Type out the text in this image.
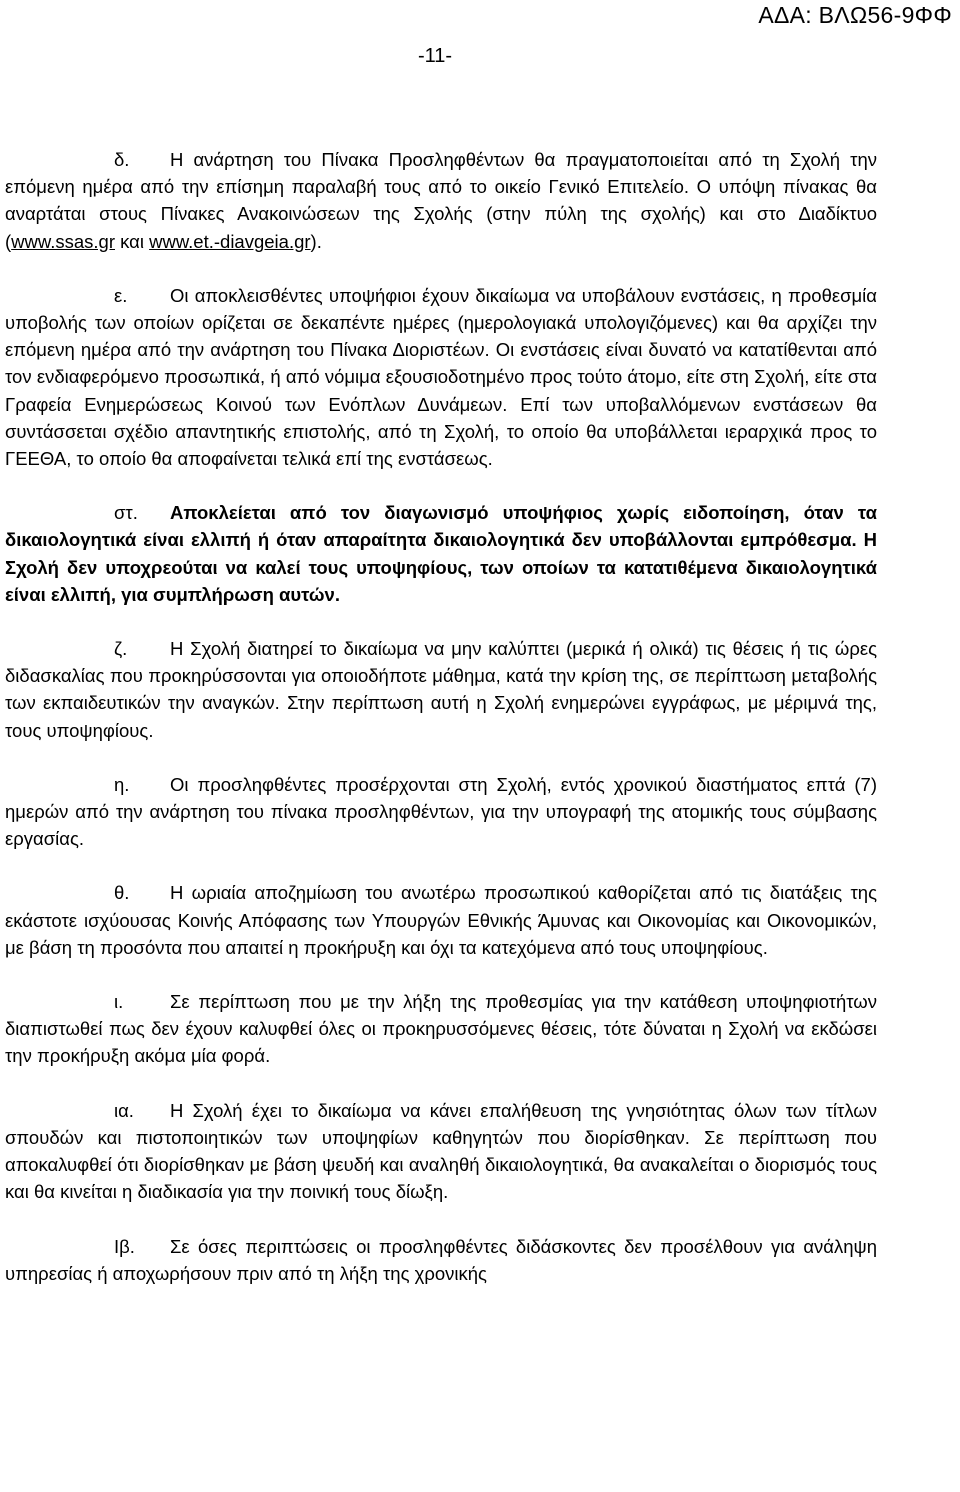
ΑΔΑ: ΒΛΩ56-9ΦΦ
-11-

δ. Η ανάρτηση του Πίνακα Προσληφθέντων θα πραγματοποιείται από τη Σχολή την επόμενη ημέρα από την επίσημη παραλαβή τους από το οικείο Γενικό Επιτελείο. Ο υπόψη πίνακας θα αναρτάται στους Πίνακες Ανακοινώσεων της Σχολής (στην πύλη της σχολής) και στο Διαδίκτυο (www.ssas.gr και www.et.-diavgeia.gr).

ε. Οι αποκλεισθέντες υποψήφιοι έχουν δικαίωμα να υποβάλουν ενστάσεις, η προθεσμία υποβολής των οποίων ορίζεται σε δεκαπέντε ημέρες (ημερολογιακά υπολογιζόμενες) και θα αρχίζει την επόμενη ημέρα από την ανάρτηση του Πίνακα Διοριστέων. Οι ενστάσεις είναι δυνατό να κατατίθενται από τον ενδιαφερόμενο προσωπικά, ή από νόμιμα εξουσιοδοτημένο προς τούτο άτομο, είτε στη Σχολή, είτε στα Γραφεία Ενημερώσεως Κοινού των Ενόπλων Δυνάμεων. Επί των υποβαλλόμενων ενστάσεων θα συντάσσεται σχέδιο απαντητικής επιστολής, από τη Σχολή, το οποίο θα υποβάλλεται ιεραρχικά προς το ΓΕΕΘΑ, το οποίο θα αποφαίνεται τελικά επί της ενστάσεως.

στ. Αποκλείεται από τον διαγωνισμό υποψήφιος χωρίς ειδοποίηση, όταν τα δικαιολογητικά είναι ελλιπή ή όταν απαραίτητα δικαιολογητικά δεν υποβάλλονται εμπρόθεσμα. Η Σχολή δεν υποχρεούται να καλεί τους υποψηφίους, των οποίων τα κατατιθέμενα δικαιολογητικά είναι ελλιπή, για συμπλήρωση αυτών.

ζ. Η Σχολή διατηρεί το δικαίωμα να μην καλύπτει (μερικά ή ολικά) τις θέσεις ή τις ώρες διδασκαλίας που προκηρύσσονται για οποιοδήποτε μάθημα, κατά την κρίση της, σε περίπτωση μεταβολής των εκπαιδευτικών την αναγκών. Στην περίπτωση αυτή η Σχολή ενημερώνει εγγράφως, με μέριμνά της, τους υποψηφίους.

η. Οι προσληφθέντες προσέρχονται στη Σχολή, εντός χρονικού διαστήματος επτά (7) ημερών από την ανάρτηση του πίνακα προσληφθέντων, για την υπογραφή της ατομικής τους σύμβασης εργασίας.

θ. Η ωριαία αποζημίωση του ανωτέρω προσωπικού καθορίζεται από τις διατάξεις της εκάστοτε ισχύουσας Κοινής Απόφασης των Υπουργών Εθνικής Άμυνας και Οικονομίας και Οικονομικών, με βάση τη προσόντα που απαιτεί η προκήρυξη και όχι τα κατεχόμενα από τους υποψηφίους.

ι.	Σε περίπτωση που με την λήξη της προθεσμίας για την κατάθεση υποψηφιοτήτων διαπιστωθεί πως δεν έχουν καλυφθεί όλες οι προκηρυσσόμενες θέσεις, τότε δύναται η Σχολή να εκδώσει την προκήρυξη ακόμα μία φορά.

ια. Η Σχολή έχει το δικαίωμα να κάνει επαλήθευση της γνησιότητας όλων των τίτλων σπουδών και πιστοποιητικών των υποψηφίων καθηγητών που διορίσθηκαν. Σε περίπτωση που αποκαλυφθεί ότι διορίσθηκαν με βάση ψευδή και αναληθή δικαιολογητικά, θα ανακαλείται ο διορισμός τους και θα κινείται η διαδικασία για την ποινική τους δίωξη.

Ιβ. Σε όσες περιπτώσεις οι προσληφθέντες διδάσκοντες δεν προσέλθουν για ανάληψη υπηρεσίας ή αποχωρήσουν πριν από τη λήξη της χρονικής
